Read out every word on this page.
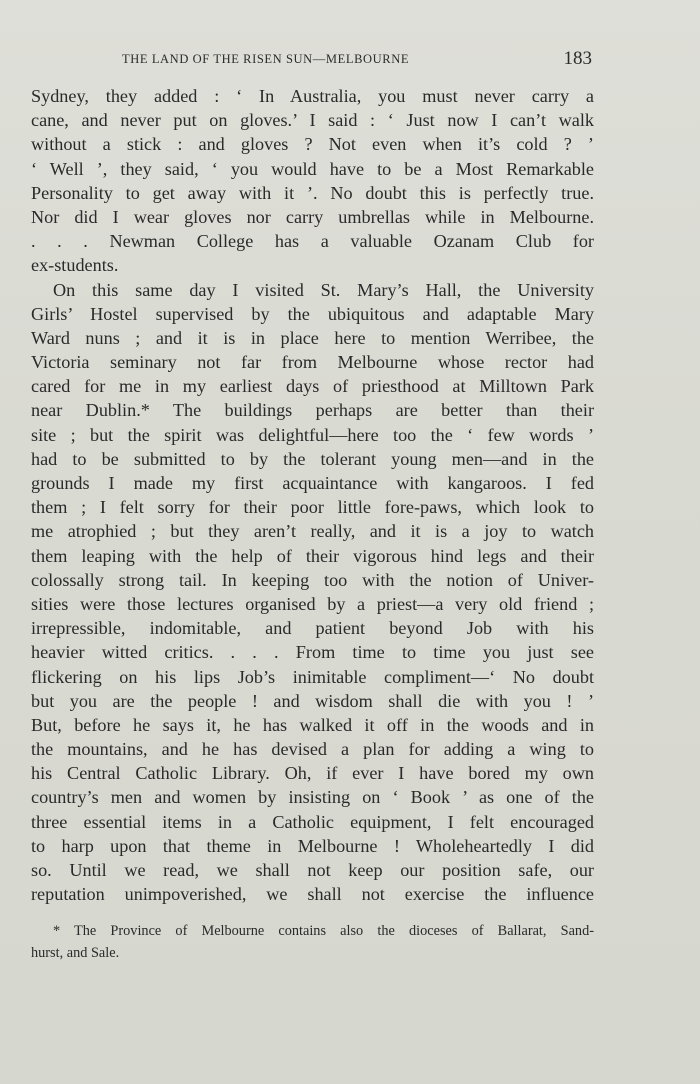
THE LAND OF THE RISEN SUN—MELBOURNE	183
Sydney, they added : ‘ In Australia, you must never carry a
cane, and never put on gloves.’ I said : ‘ Just now I can’t walk
without a stick : and gloves ? Not even when it’s cold ? ’
‘ Well ’, they said, ‘ you would have to be a Most Remarkable
Personality to get away with it ’. No doubt this is perfectly true.
Nor did I wear gloves nor carry umbrellas while in Melbourne.
. . . Newman College has a valuable Ozanam Club for
ex-students.
On this same day I visited St. Mary’s Hall, the University
Girls’ Hostel supervised by the ubiquitous and adaptable Mary
Ward nuns ; and it is in place here to mention Werribee, the
Victoria seminary not far from Melbourne whose rector had
cared for me in my earliest days of priesthood at Milltown Park
near Dublin.* The buildings perhaps are better than their
site ; but the spirit was delightful—here too the ‘ few words ’
had to be submitted to by the tolerant young men—and in the
grounds I made my first acquaintance with kangaroos. I fed
them ; I felt sorry for their poor little fore-paws, which look to
me atrophied ; but they aren’t really, and it is a joy to watch
them leaping with the help of their vigorous hind legs and their
colossally strong tail. In keeping too with the notion of Univer-
sities were those lectures organised by a priest—a very old friend ;
irrepressible, indomitable, and patient beyond Job with his
heavier witted critics. . . . From time to time you just see
flickering on his lips Job’s inimitable compliment—‘ No doubt
but you are the people ! and wisdom shall die with you ! ’
But, before he says it, he has walked it off in the woods and in
the mountains, and he has devised a plan for adding a wing to
his Central Catholic Library. Oh, if ever I have bored my own
country’s men and women by insisting on ‘ Book ’ as one of the
three essential items in a Catholic equipment, I felt encouraged
to harp upon that theme in Melbourne ! Wholeheartedly I did
so. Until we read, we shall not keep our position safe, our
reputation unimpoverished, we shall not exercise the influence
* The Province of Melbourne contains also the dioceses of Ballarat, Sand-
hurst, and Sale.
